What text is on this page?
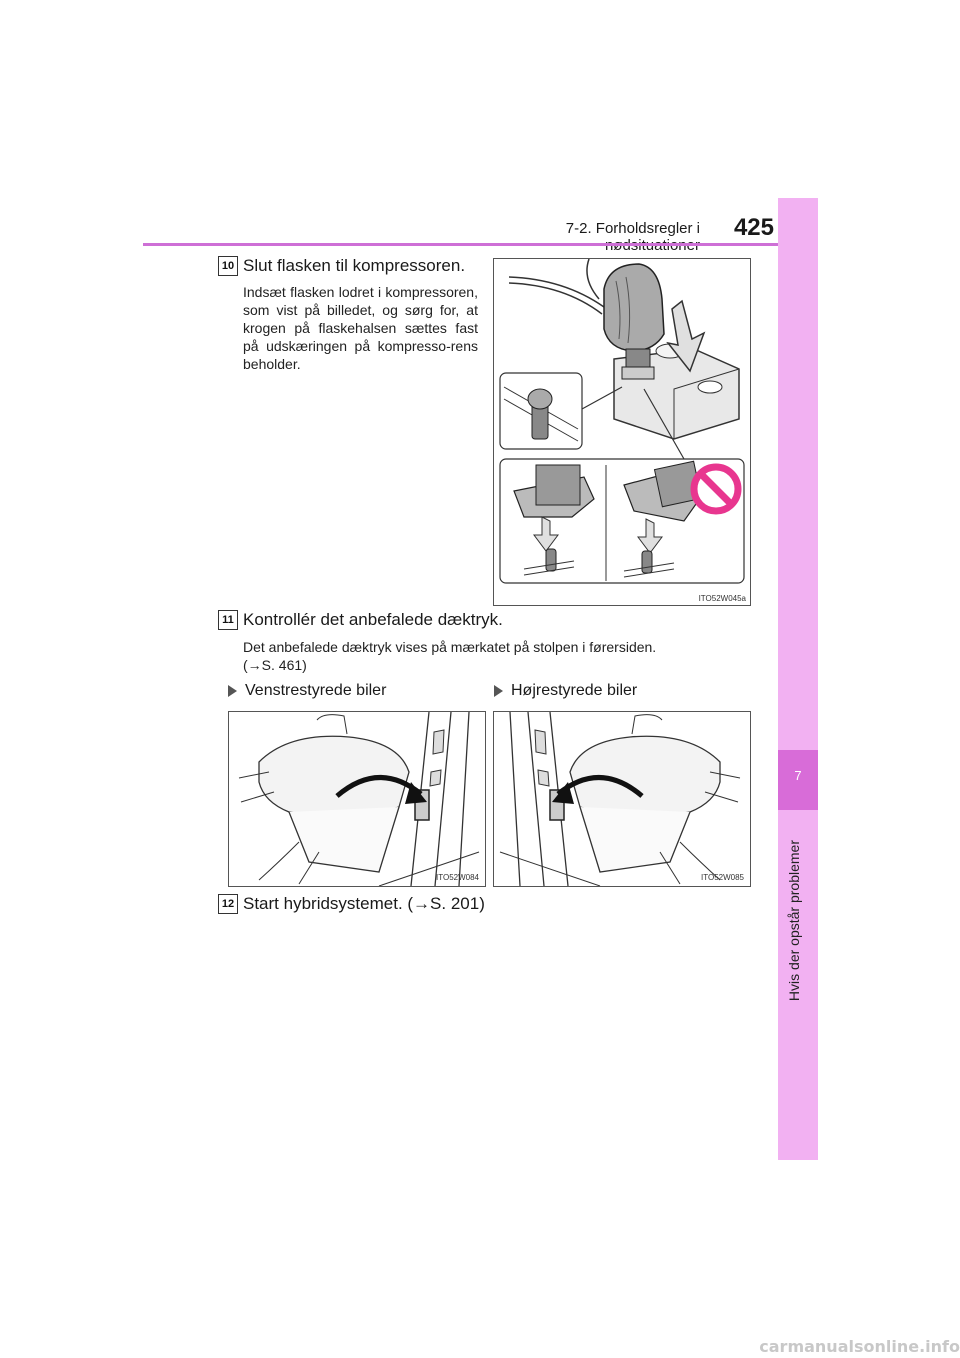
7-2. Forholdsregler i	425
7
Hvis der opstår problemer
10 Slut flasken til kompressoren.
Indsæt flasken lodret i kompressoren, som vist på billedet, og sørg for, at krogen på flaskehalsen sættes fast på udskæringen på kompresso-rens beholder.
ITO52W045a
11 Kontrollér det anbefalede dæktryk.
Det anbefalede dæktryk vises på mærkatet på stolpen i førersiden.
(→S. 461)
Venstrestyrede biler	Højrestyrede biler
ITO52W084	ITO52W085
12 Start hybridsystemet. (→S. 201)
carmanualsonline.info
